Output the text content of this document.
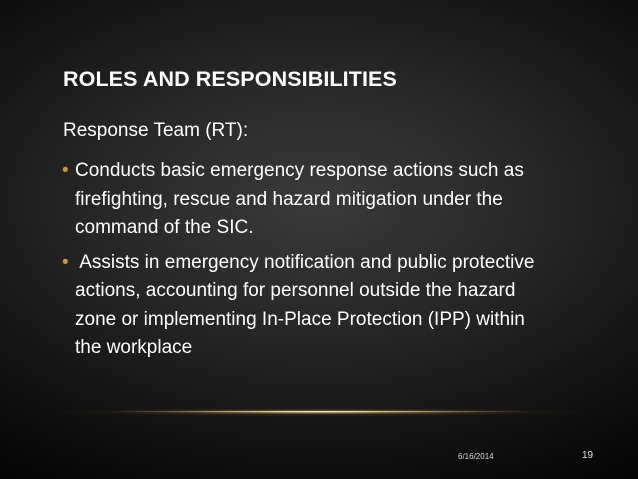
ROLES AND RESPONSIBILITIES
Response Team (RT):
• Conducts basic emergency response actions such as
firefighting, rescue and hazard mitigation under the
command of the SIC.
• Assists in emergency notification and public protective
actions, accounting for personnel outside the hazard
zone or implementing In-Place Protection (IPP) within
the workplace
6/16/2014	19
